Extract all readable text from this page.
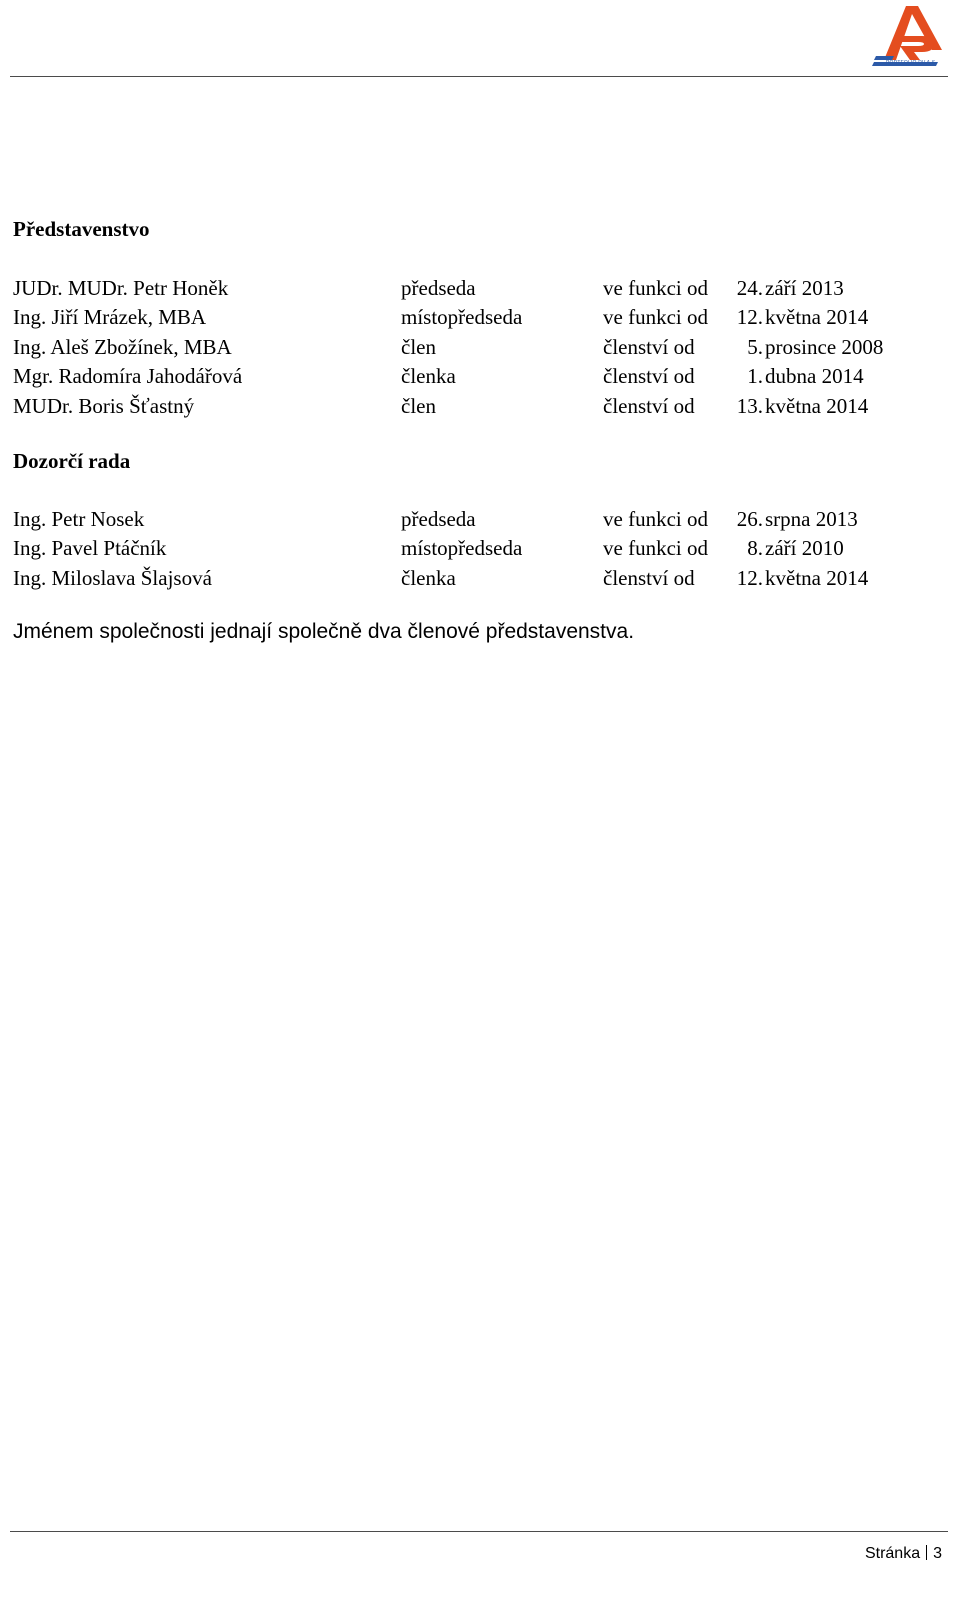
PORTFOLIO RV.A.S.
Představenstvo
JUDr. MUDr. Petr Honěk	předseda	ve funkci od	24. září 2013
Ing. Jiří Mrázek, MBA	místopředseda	ve funkci od	12. května 2014
Ing. Aleš Zbožínek, MBA	člen	členství od	5. prosince 2008
Mgr. Radomíra Jahodářová	členka	členství od	1. dubna 2014
MUDr. Boris Šťastný	člen	členství od	13. května 2014
Dozorčí rada
Ing. Petr Nosek	předseda	ve funkci od	26. srpna 2013
Ing. Pavel Ptáčník	místopředseda	ve funkci od	8. září 2010
Ing. Miloslava Šlajsová	členka	členství od	12. května 2014
Jménem společnosti jednají společně dva členové představenstva.
Stránka 3
